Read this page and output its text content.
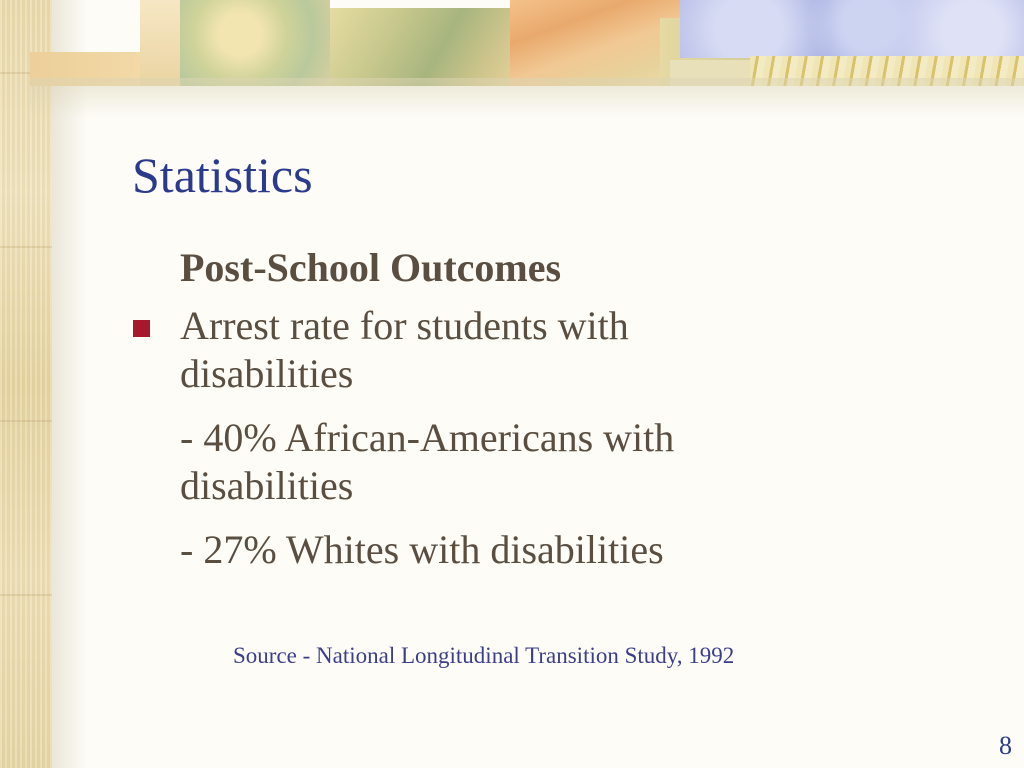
Statistics
Post-School Outcomes
Arrest rate for students with
disabilities
- 40% African-Americans with
disabilities
- 27% Whites with disabilities
Source - National Longitudinal Transition Study, 1992
8
